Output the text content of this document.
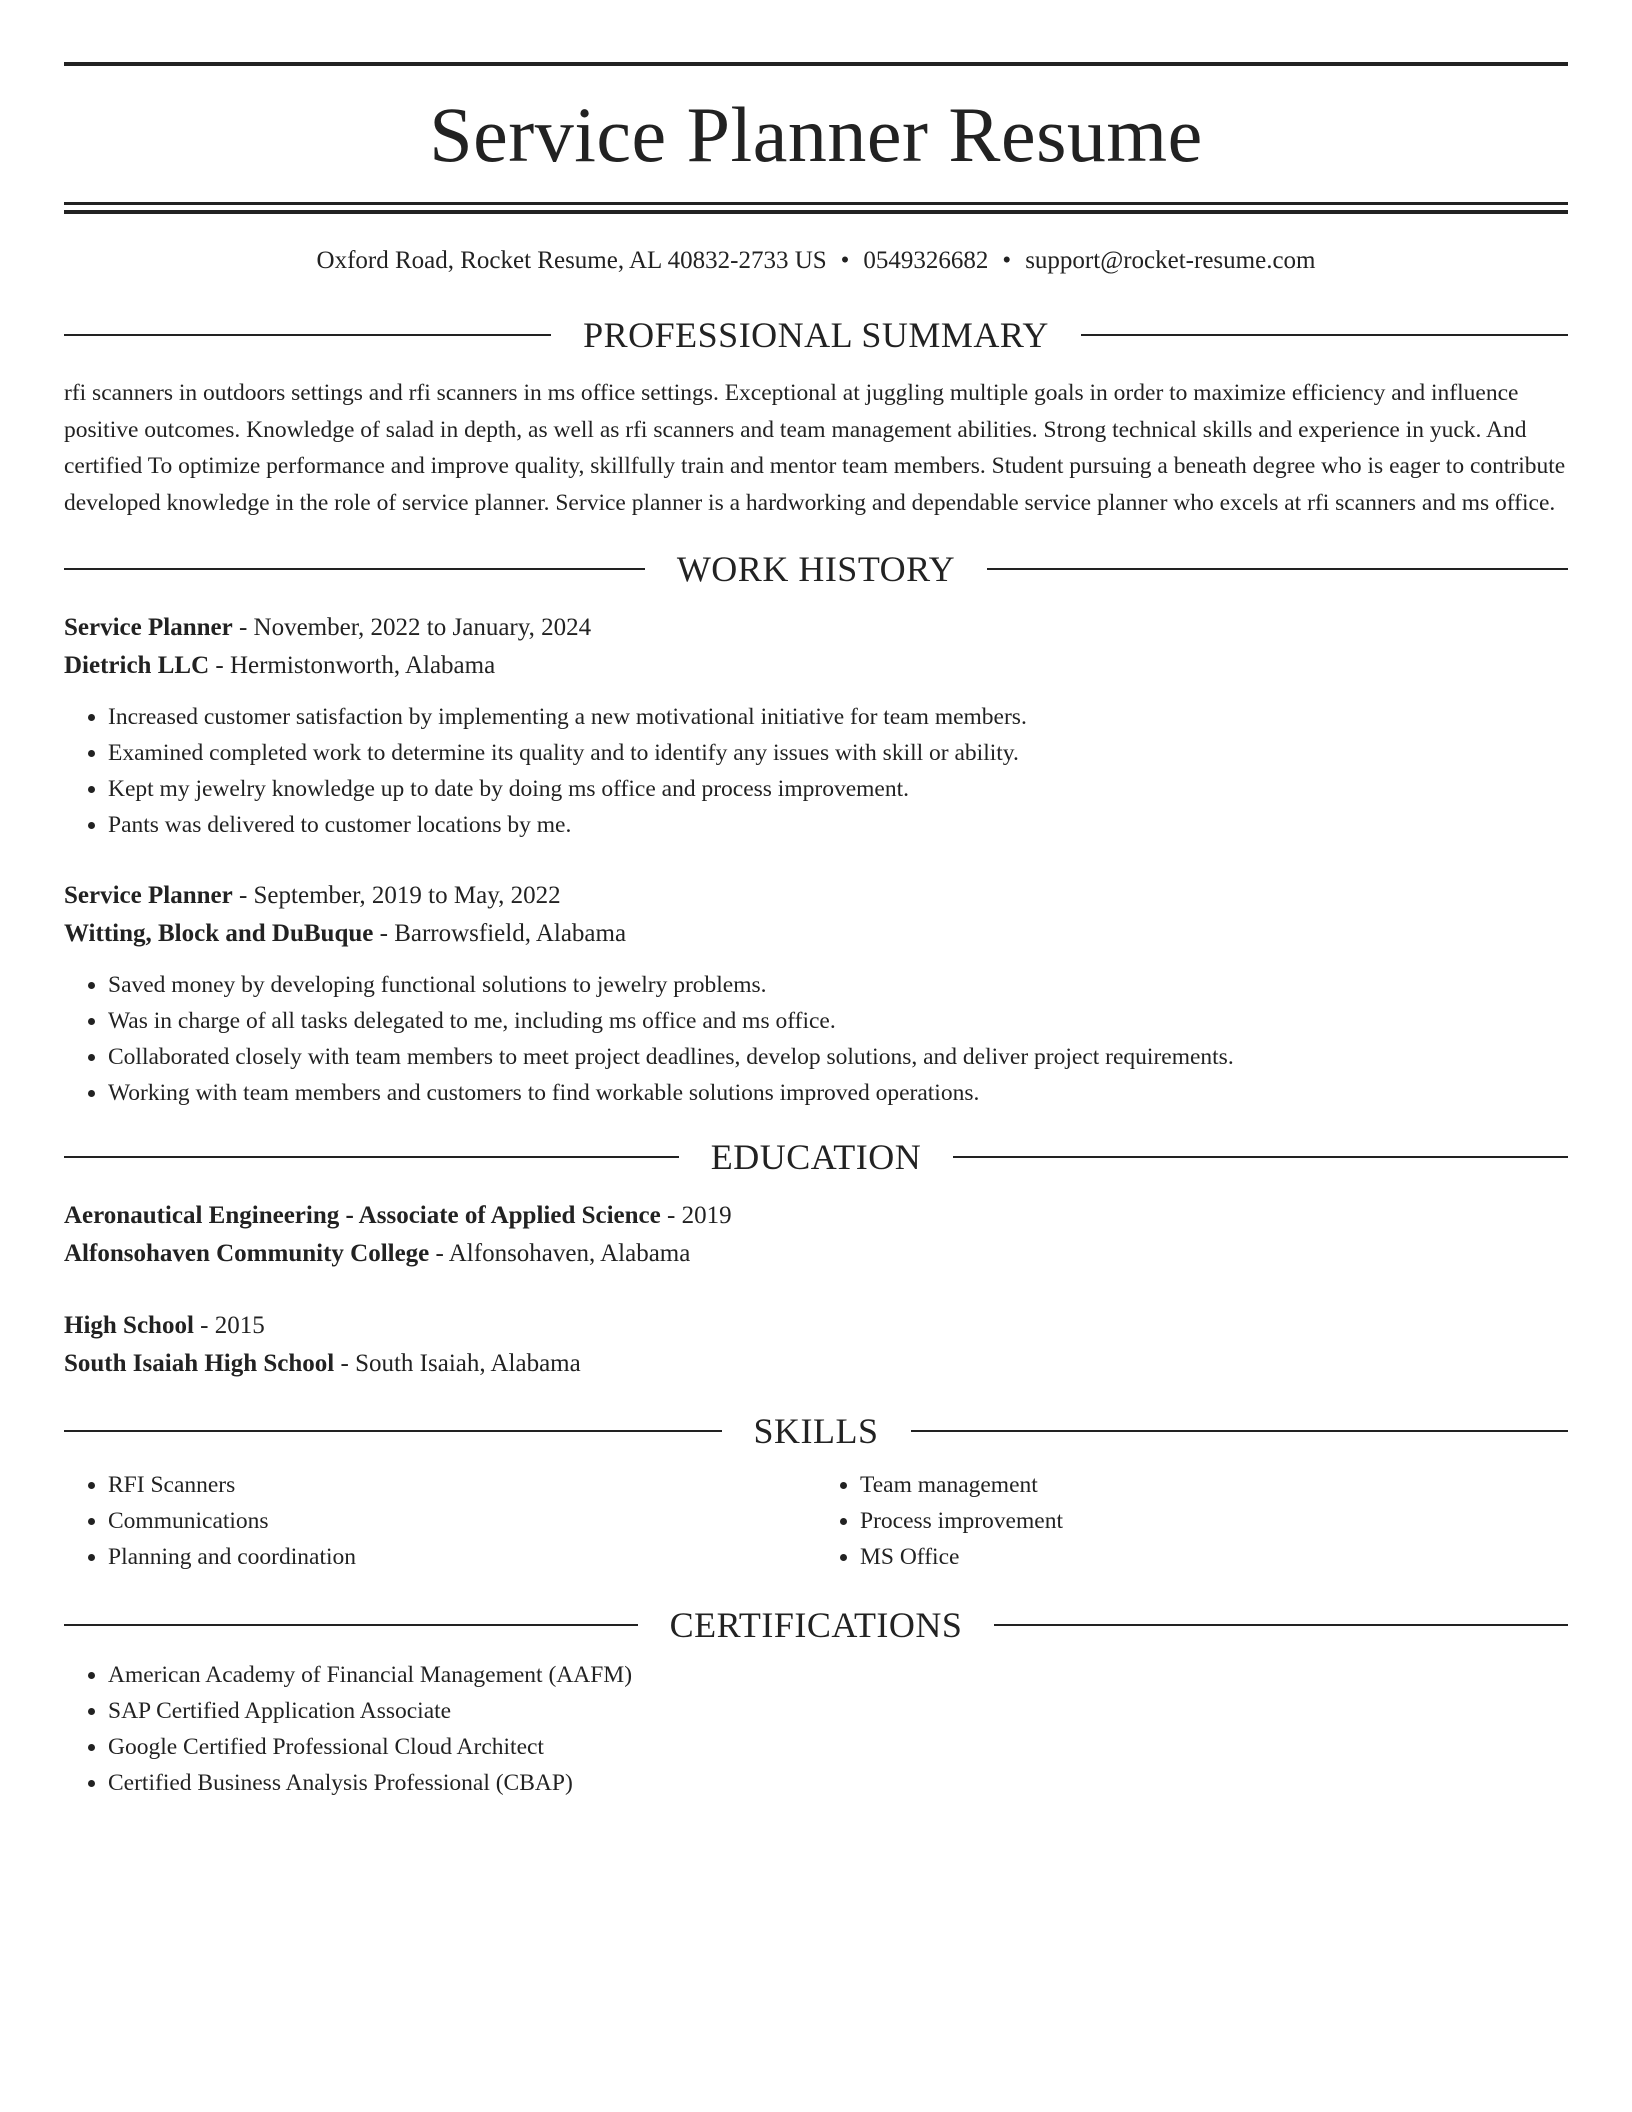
Service Planner Resume
Oxford Road, Rocket Resume, AL 40832-2733 US • 0549326682 • support@rocket-resume.com
PROFESSIONAL SUMMARY

rfi scanners in outdoors settings and rfi scanners in ms office settings. Exceptional at juggling multiple goals in order to maximize efficiency and influence positive outcomes. Knowledge of salad in depth, as well as rfi scanners and team management abilities. Strong technical skills and experience in yuck. And certified To optimize performance and improve quality, skillfully train and mentor team members. Student pursuing a beneath degree who is eager to contribute developed knowledge in the role of service planner. Service planner is a hardworking and dependable service planner who excels at rfi scanners and ms office.

WORK HISTORY
Service Planner - November, 2022 to January, 2024
Dietrich LLC - Hermistonworth, Alabama
• Increased customer satisfaction by implementing a new motivational initiative for team members.
• Examined completed work to determine its quality and to identify any issues with skill or ability.
• Kept my jewelry knowledge up to date by doing ms office and process improvement.
• Pants was delivered to customer locations by me.
Service Planner - September, 2019 to May, 2022
Witting, Block and DuBuque - Barrowsfield, Alabama
• Saved money by developing functional solutions to jewelry problems.
• Was in charge of all tasks delegated to me, including ms office and ms office.
• Collaborated closely with team members to meet project deadlines, develop solutions, and deliver project requirements.
• Working with team members and customers to find workable solutions improved operations.
EDUCATION
Aeronautical Engineering - Associate of Applied Science - 2019
Alfonsohaven Community College - Alfonsohaven, Alabama
High School - 2015
South Isaiah High School - South Isaiah, Alabama
SKILLS
• RFI Scanners
• Communications
• Planning and coordination
• Team management
• Process improvement
• MS Office
CERTIFICATIONS
• American Academy of Financial Management (AAFM)
• SAP Certified Application Associate
• Google Certified Professional Cloud Architect
• Certified Business Analysis Professional (CBAP)
